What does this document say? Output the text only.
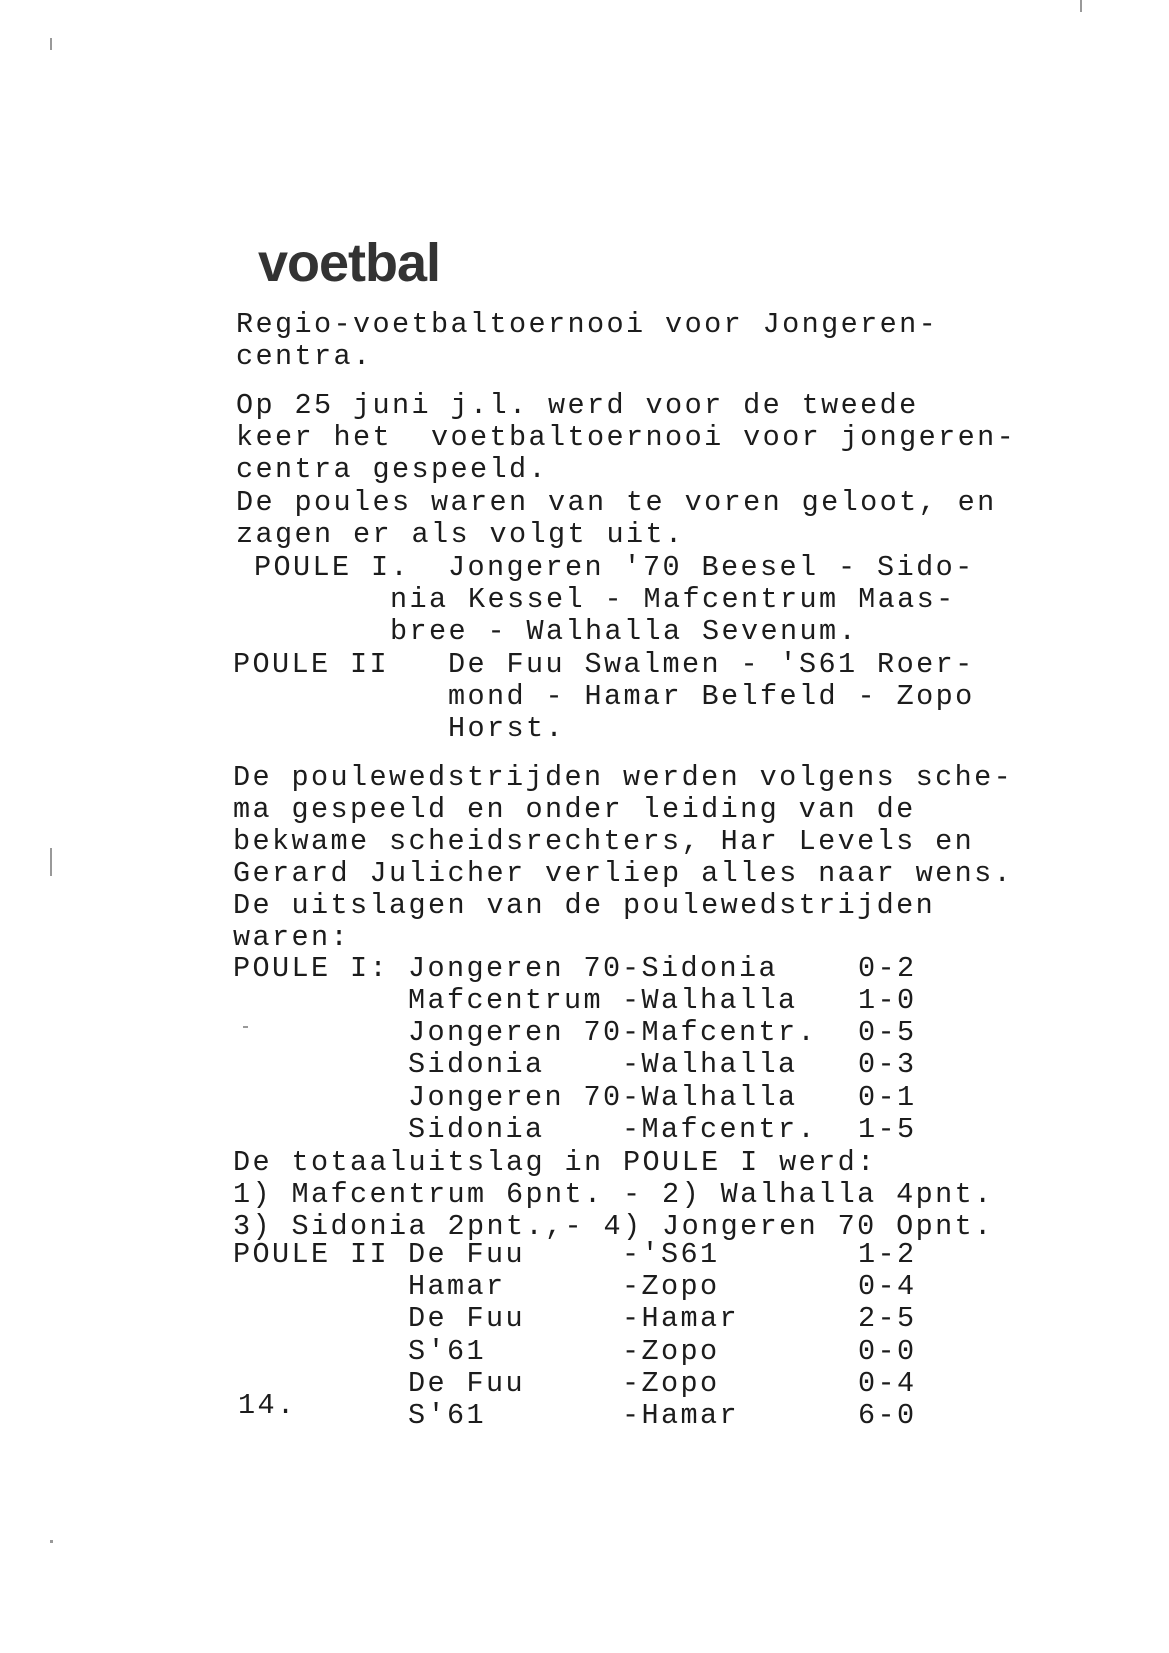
voetbal
Regio-voetbaltoernooi voor Jongeren-
centra.
Op 25 juni j.l. werd voor de tweede
keer het  voetbaltoernooi voor jongeren-
centra gespeeld.
De poules waren van te voren geloot, en
zagen er als volgt uit.
POULE I. Jongeren '70 Beesel - Sido-
nia Kessel - Mafcentrum Maas-
bree - Walhalla Sevenum.
POULE II De Fuu Swalmen - 'S61 Roer-
mond - Hamar Belfeld - Zopo
Horst.
De poulewedstrijden werden volgens sche-
ma gespeeld en onder leiding van de
bekwame scheidsrechters, Har Levels en
Gerard Julicher verliep alles naar wens.
De uitslagen van de poulewedstrijden
waren:
POULE I: Jongeren 70 -Sidonia	0-2
Mafcentrum -Walhalla 1-0
Jongeren 70 -Mafcentr. 0-5
Sidonia -Walhalla 0-3
Jongeren 70 -Walhalla 0-1
Sidonia -Mafcentr. 1-5
De totaaluitslag in POULE I werd:
1) Mafcentrum 6pnt. - 2) Walhalla 4pnt.
3) Sidonia 2pnt.,- 4) Jongeren 70 Opnt.
POULE II De Fuu	-'S61	1-2
Hamar	-Zopo	0-4
De Fuu	-Hamar	2-5
S'61	-Zopo	0-0
De Fuu	-Zopo	0-4
S'61	-Hamar	6-0
14.
